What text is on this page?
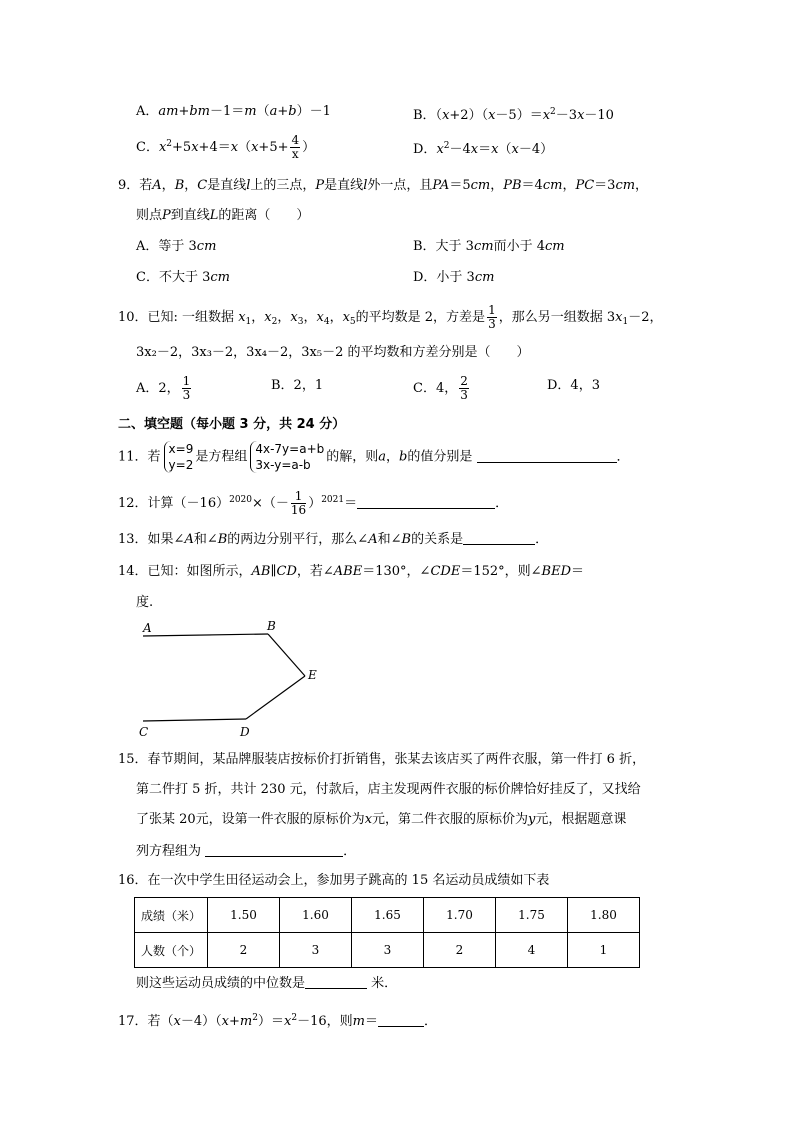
A．am+bm－1＝m（a+b）－1	B．$(x+2)(x-5)=x^2-3x-10$
C．$x^2+5x+4=x(x+5+ \frac{4}{x}$ ）	D．$x^2-4x=x(x-4)$
9．若A，B，C是直线l上的三点，P是直线l外一点，且PA＝5cm，PB＝4cm，PC＝3cm，
则点P到直线L的距离（　　）
A．等于 3cm	B．大于 3cm而小于 4cm
C．不大于 3cm	D．小于 3cm
10．已知: 一组数据 $x_1$，$x_2$，$x_3$，$x_4$，$x_5$的平均数是 2，方差是 $\frac{1}{3}$ ，那么另一组数据 $3x_1-2$，
3x₂－2，3x₃－2，3x₄－2，3x₅－2 的平均数和方差分别是（　　）
A．2， $\frac{1}{3}$	B．2，1	C．4， $\frac{2}{3}$	D．4，3
二、填空题（每小题 3 分，共 24 分）
11．若
x=9
y=2
是方程组
4x-7y=a+b
3x-y=a-b
的解，则a，b的值分别是	．
12．计算$(-16)^{2020}\times(- \frac{1}{16} )^{2021}=$	．
13．如果∠A和∠B的两边分别平行，那么∠A和∠B的关系是	．
14．已知：如图所示，AB∥CD，若∠ABE＝130°，∠CDE＝152°，则∠BED＝
度.
A	B
E
C	D
15．春节期间，某品牌服装店按标价打折销售，张某去该店买了两件衣服，第一件打 6 折，
第二件打 5 折，共计 230 元，付款后，店主发现两件衣服的标价牌恰好挂反了，又找给
了张某 20元，设第一件衣服的原标价为x元，第二件衣服的原标价为y元，根据题意课
列方程组为	．
16．在一次中学生田径运动会上，参加男子跳高的 15 名运动员成绩如下表
成绩（米）	1.50	1.60	1.65	1.70	1.75	1.80
人数（个）	2	3	3	2	4	1
则这些运动员成绩的中位数是	米．
17．若$(x-4)(x+m^2)=x^2-16$，则m＝	．
